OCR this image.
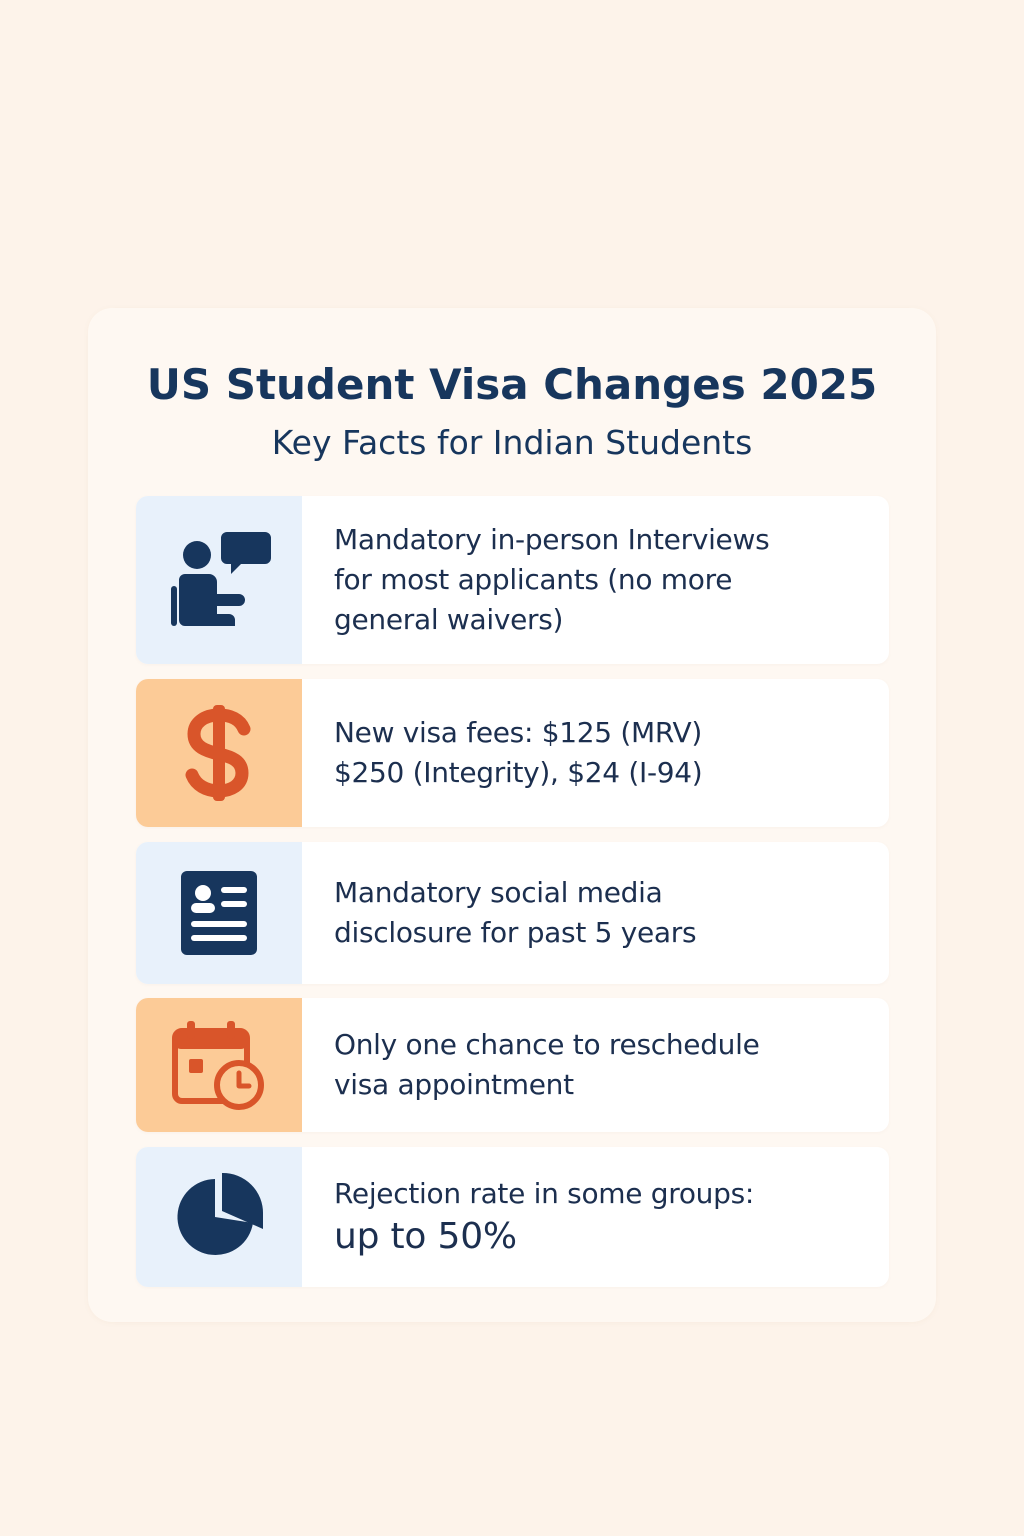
US Student Visa Changes 2025
Key Facts for Indian Students
Mandatory in-person Interviews
for most applicants (no more
general waivers)
New visa fees: $125 (MRV)
$250 (Integrity), $24 (I-94)
Mandatory social media
disclosure for past 5 years
Only one chance to reschedule
visa appointment
Rejection rate in some groups:
up to 50%
